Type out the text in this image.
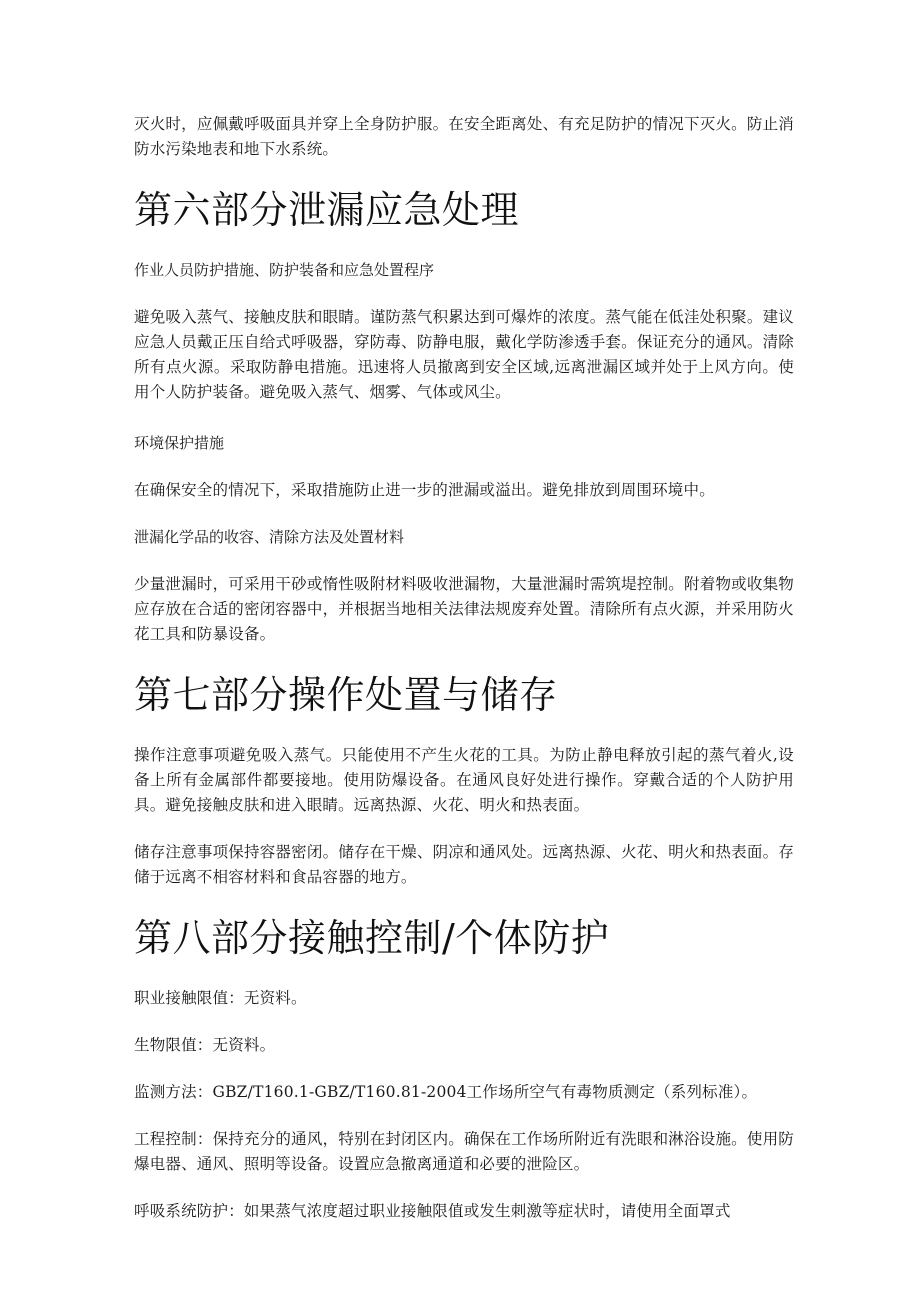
灭火时，应佩戴呼吸面具并穿上全身防护服。在安全距离处、有充足防护的情况下灭火。防止消防水污染地表和地下水系统。

第六部分泄漏应急处理

作业人员防护措施、防护装备和应急处置程序

避免吸入蒸气、接触皮肤和眼睛。谨防蒸气积累达到可爆炸的浓度。蒸气能在低洼处积聚。建议应急人员戴正压自给式呼吸器，穿防毒、防静电服，戴化学防渗透手套。保证充分的通风。清除所有点火源。采取防静电措施。迅速将人员撤离到安全区域,远离泄漏区域并处于上风方向。使用个人防护装备。避免吸入蒸气、烟雾、气体或风尘。

环境保护措施

在确保安全的情况下，采取措施防止进一步的泄漏或溢出。避免排放到周围环境中。

泄漏化学品的收容、清除方法及处置材料

少量泄漏时，可采用干砂或惰性吸附材料吸收泄漏物，大量泄漏时需筑堤控制。附着物或收集物应存放在合适的密闭容器中，并根据当地相关法律法规废弃处置。清除所有点火源，并采用防火花工具和防暴设备。

第七部分操作处置与储存

操作注意事项避免吸入蒸气。只能使用不产生火花的工具。为防止静电释放引起的蒸气着火,设备上所有金属部件都要接地。使用防爆设备。在通风良好处进行操作。穿戴合适的个人防护用具。避免接触皮肤和进入眼睛。远离热源、火花、明火和热表面。

储存注意事项保持容器密闭。储存在干燥、阴凉和通风处。远离热源、火花、明火和热表面。存储于远离不相容材料和食品容器的地方。

第八部分接触控制/个体防护

职业接触限值：无资料。

生物限值：无资料。

监测方法：GBZ/T160.1-GBZ/T160.81-2004工作场所空气有毒物质测定（系列标准）。

工程控制：保持充分的通风，特别在封闭区内。确保在工作场所附近有洗眼和淋浴设施。使用防爆电器、通风、照明等设备。设置应急撤离通道和必要的泄险区。

呼吸系统防护：如果蒸气浓度超过职业接触限值或发生刺激等症状时，请使用全面罩式
